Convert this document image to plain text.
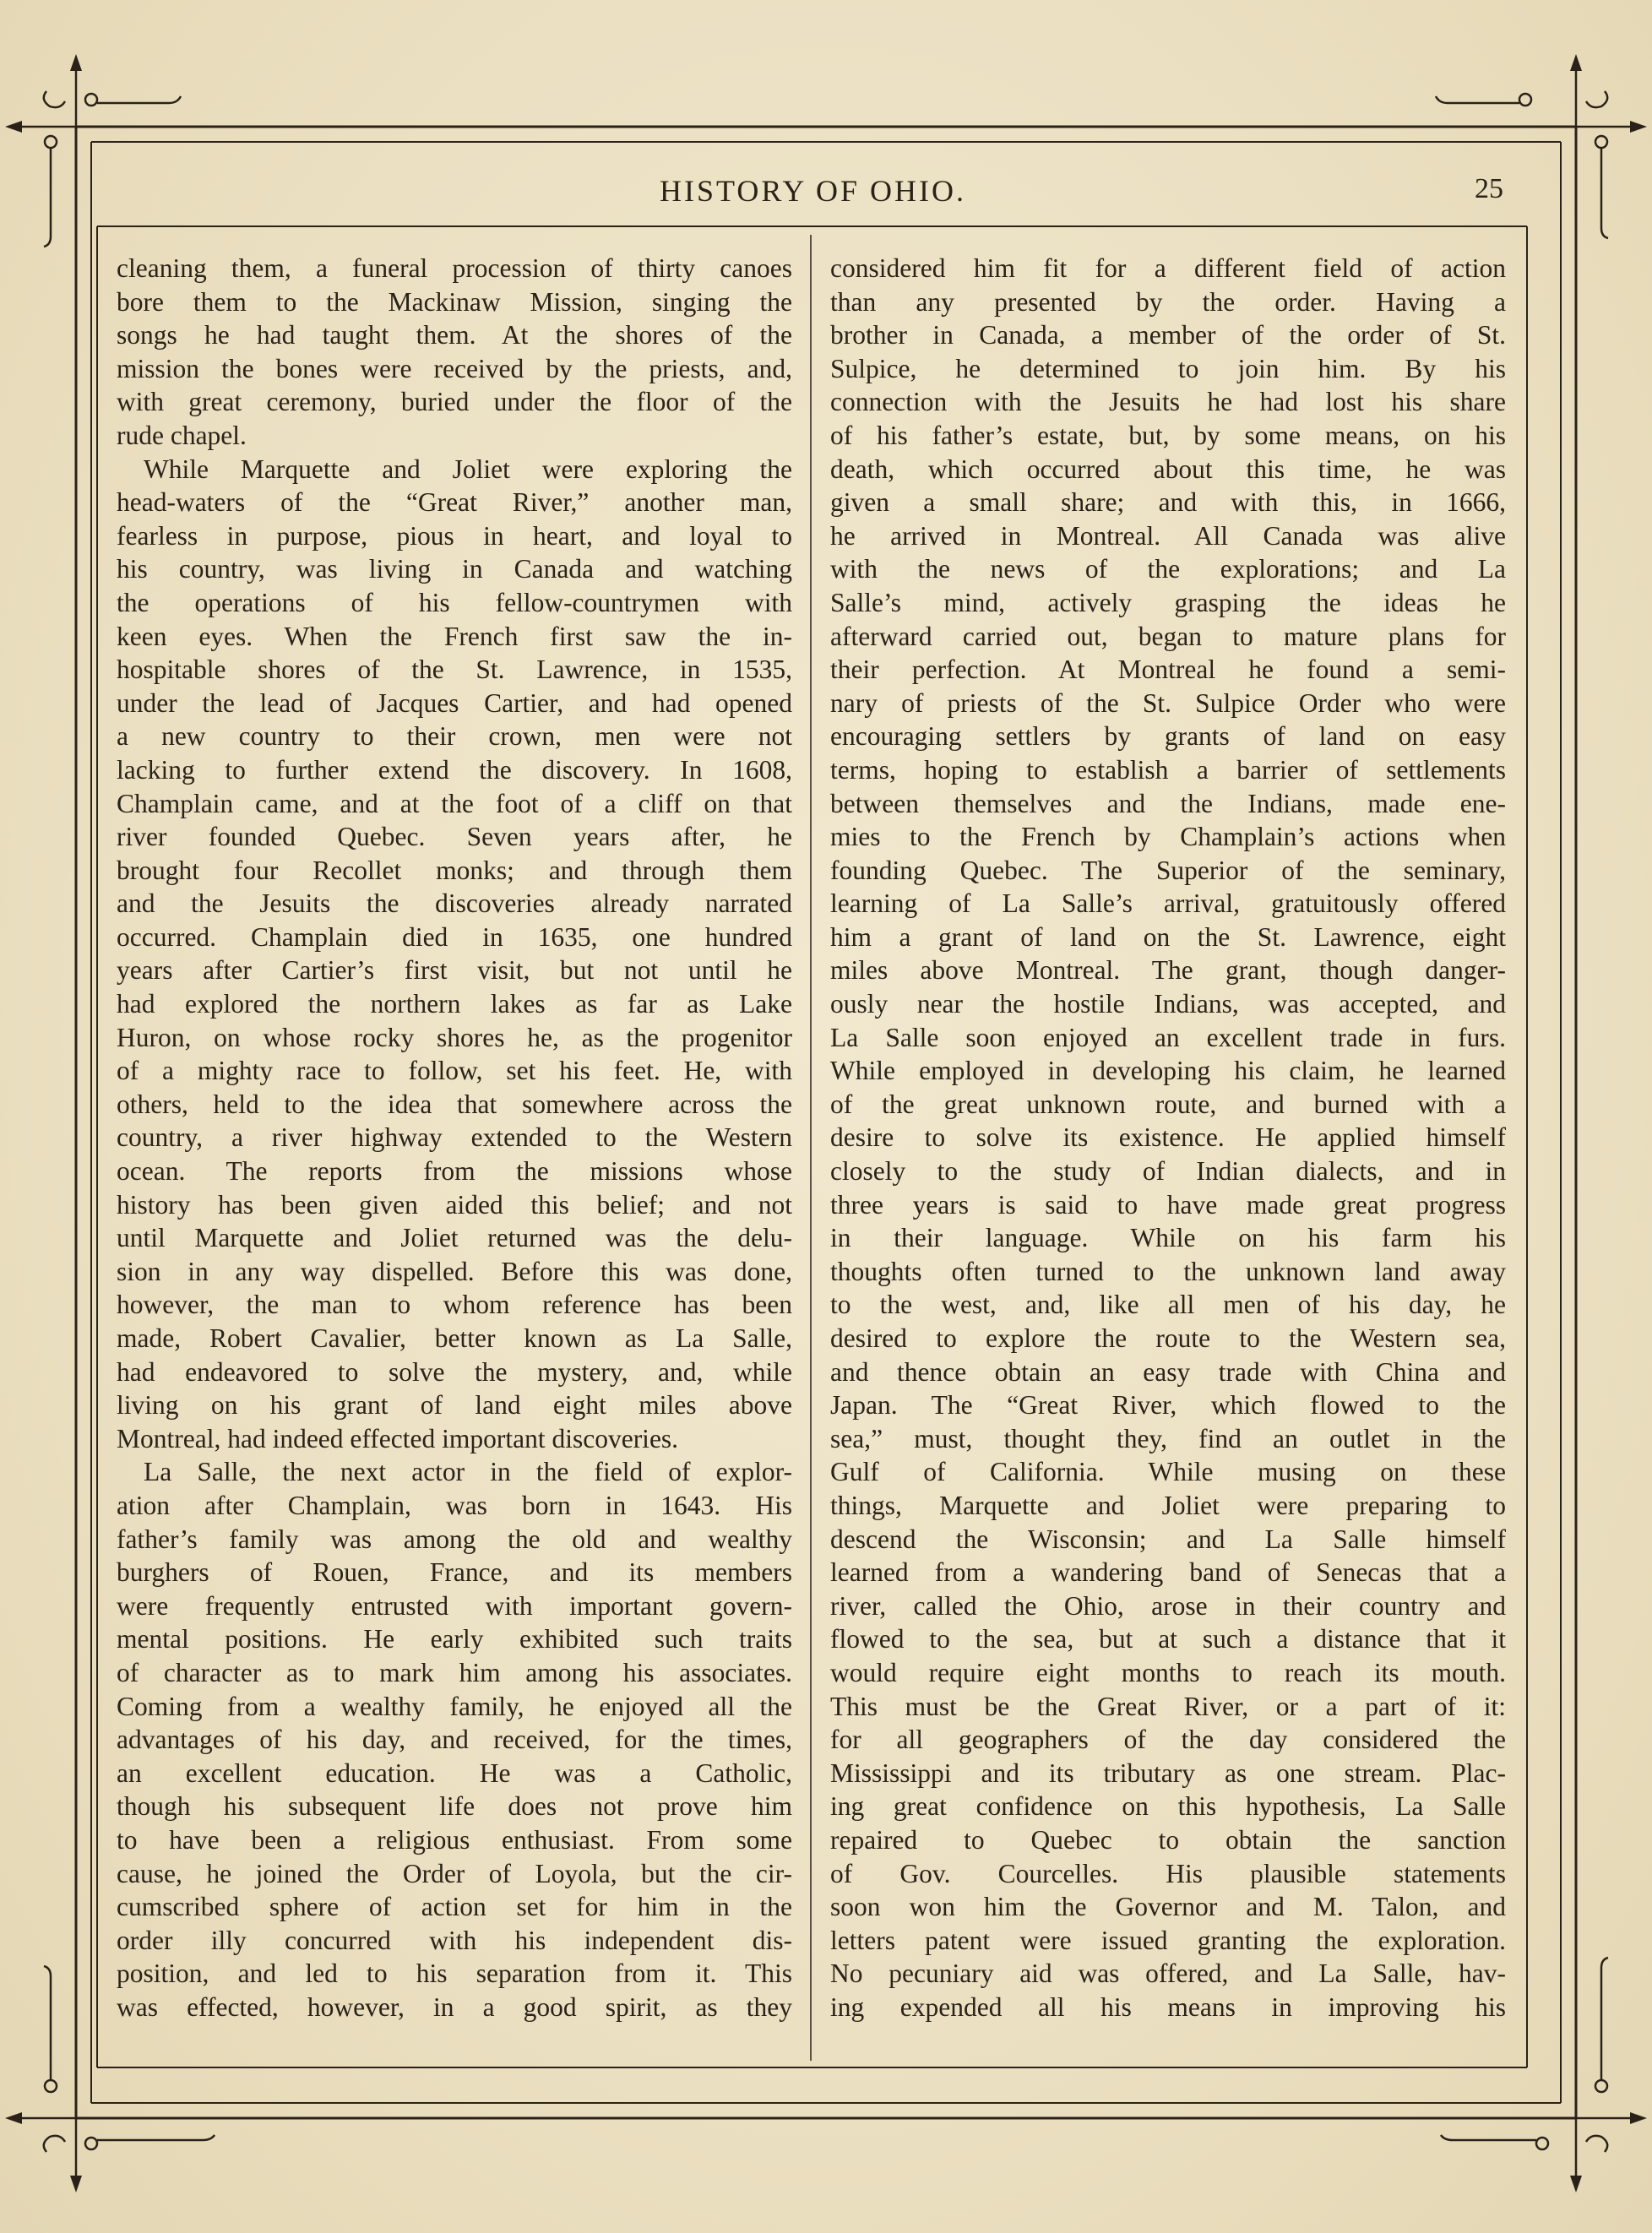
HISTORY OF OHIO.	25
cleaning them, a funeral procession of thirty canoes
bore them to the Mackinaw Mission, singing the
songs he had taught them. At the shores of the
mission the bones were received by the priests, and,
with great ceremony, buried under the floor of the
rude chapel.
While Marquette and Joliet were exploring the
head-waters of the “Great River,” another man,
fearless in purpose, pious in heart, and loyal to
his country, was living in Canada and watching
the operations of his fellow-countrymen with
keen eyes. When the French first saw the in-
hospitable shores of the St. Lawrence, in 1535,
under the lead of Jacques Cartier, and had opened
a new country to their crown, men were not
lacking to further extend the discovery. In 1608,
Champlain came, and at the foot of a cliff on that
river founded Quebec. Seven years after, he
brought four Recollet monks; and through them
and the Jesuits the discoveries already narrated
occurred. Champlain died in 1635, one hundred
years after Cartier’s first visit, but not until he
had explored the northern lakes as far as Lake
Huron, on whose rocky shores he, as the progenitor
of a mighty race to follow, set his feet. He, with
others, held to the idea that somewhere across the
country, a river highway extended to the Western
ocean. The reports from the missions whose
history has been given aided this belief; and not
until Marquette and Joliet returned was the delu-
sion in any way dispelled. Before this was done,
however, the man to whom reference has been
made, Robert Cavalier, better known as La Salle,
had endeavored to solve the mystery, and, while
living on his grant of land eight miles above
Montreal, had indeed effected important discoveries.
La Salle, the next actor in the field of explor-
ation after Champlain, was born in 1643. His
father’s family was among the old and wealthy
burghers of Rouen, France, and its members
were frequently entrusted with important govern-
mental positions. He early exhibited such traits
of character as to mark him among his associates.
Coming from a wealthy family, he enjoyed all the
advantages of his day, and received, for the times,
an excellent education. He was a Catholic,
though his subsequent life does not prove him
to have been a religious enthusiast. From some
cause, he joined the Order of Loyola, but the cir-
cumscribed sphere of action set for him in the
order illy concurred with his independent dis-
position, and led to his separation from it. This
was effected, however, in a good spirit, as they
considered him fit for a different field of action
than any presented by the order. Having a
brother in Canada, a member of the order of St.
Sulpice, he determined to join him. By his
connection with the Jesuits he had lost his share
of his father’s estate, but, by some means, on his
death, which occurred about this time, he was
given a small share; and with this, in 1666,
he arrived in Montreal. All Canada was alive
with the news of the explorations; and La
Salle’s mind, actively grasping the ideas he
afterward carried out, began to mature plans for
their perfection. At Montreal he found a semi-
nary of priests of the St. Sulpice Order who were
encouraging settlers by grants of land on easy
terms, hoping to establish a barrier of settlements
between themselves and the Indians, made ene-
mies to the French by Champlain’s actions when
founding Quebec. The Superior of the seminary,
learning of La Salle’s arrival, gratuitously offered
him a grant of land on the St. Lawrence, eight
miles above Montreal. The grant, though danger-
ously near the hostile Indians, was accepted, and
La Salle soon enjoyed an excellent trade in furs.
While employed in developing his claim, he learned
of the great unknown route, and burned with a
desire to solve its existence. He applied himself
closely to the study of Indian dialects, and in
three years is said to have made great progress
in their language. While on his farm his
thoughts often turned to the unknown land away
to the west, and, like all men of his day, he
desired to explore the route to the Western sea,
and thence obtain an easy trade with China and
Japan. The “Great River, which flowed to the
sea,” must, thought they, find an outlet in the
Gulf of California. While musing on these
things, Marquette and Joliet were preparing to
descend the Wisconsin; and La Salle himself
learned from a wandering band of Senecas that a
river, called the Ohio, arose in their country and
flowed to the sea, but at such a distance that it
would require eight months to reach its mouth.
This must be the Great River, or a part of it:
for all geographers of the day considered the
Mississippi and its tributary as one stream. Plac-
ing great confidence on this hypothesis, La Salle
repaired to Quebec to obtain the sanction
of Gov. Courcelles. His plausible statements
soon won him the Governor and M. Talon, and
letters patent were issued granting the exploration.
No pecuniary aid was offered, and La Salle, hav-
ing expended all his means in improving his
